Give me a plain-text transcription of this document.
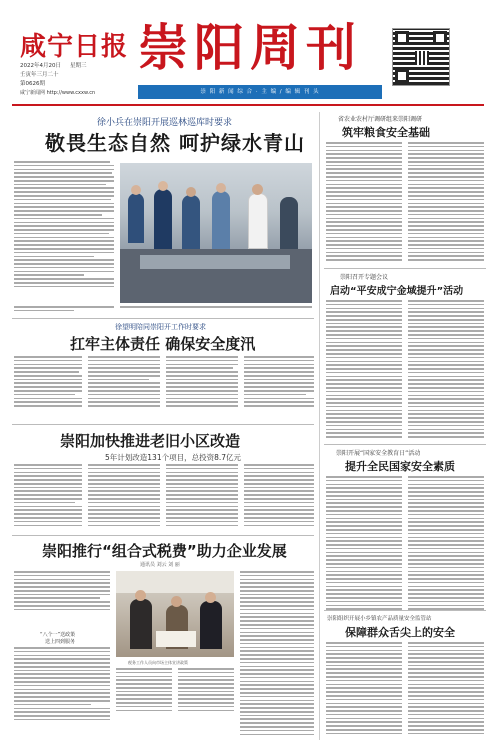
咸宁日报
2022年4月20日 星期三
壬寅年三月二十
第0626期
咸宁新闻网 http://www.cxxw.cn
崇阳周刊
崇 阳 新 闻 综 合 · 主 编 / 编 辑 刊 头
徐小兵在崇阳开展巡林巡库时要求
敬畏生态自然 呵护绿水青山
徐望明陪同崇阳开工作时要求
扛牢主体责任 确保安全度汛
崇阳加快推进老旧小区改造
5年计划改造131个项目，总投资8.7亿元
崇阳推行“组合式税费”助力企业发展
通讯员 刘云 刘 丽
“八个一”送政策
送上四到服务
税务工作人员向市场主体宣讲政策
省农业农村厅调研组来崇阳调研
筑牢粮食安全基础
崇阳召开专题会议
启动“平安成宁金域提升”活动
崇阳开展“国家安全教育日”活动
提升全民国家安全素质
崇阳组织开展小乡镇农产品质量安全监管站
保障群众舌尖上的安全
